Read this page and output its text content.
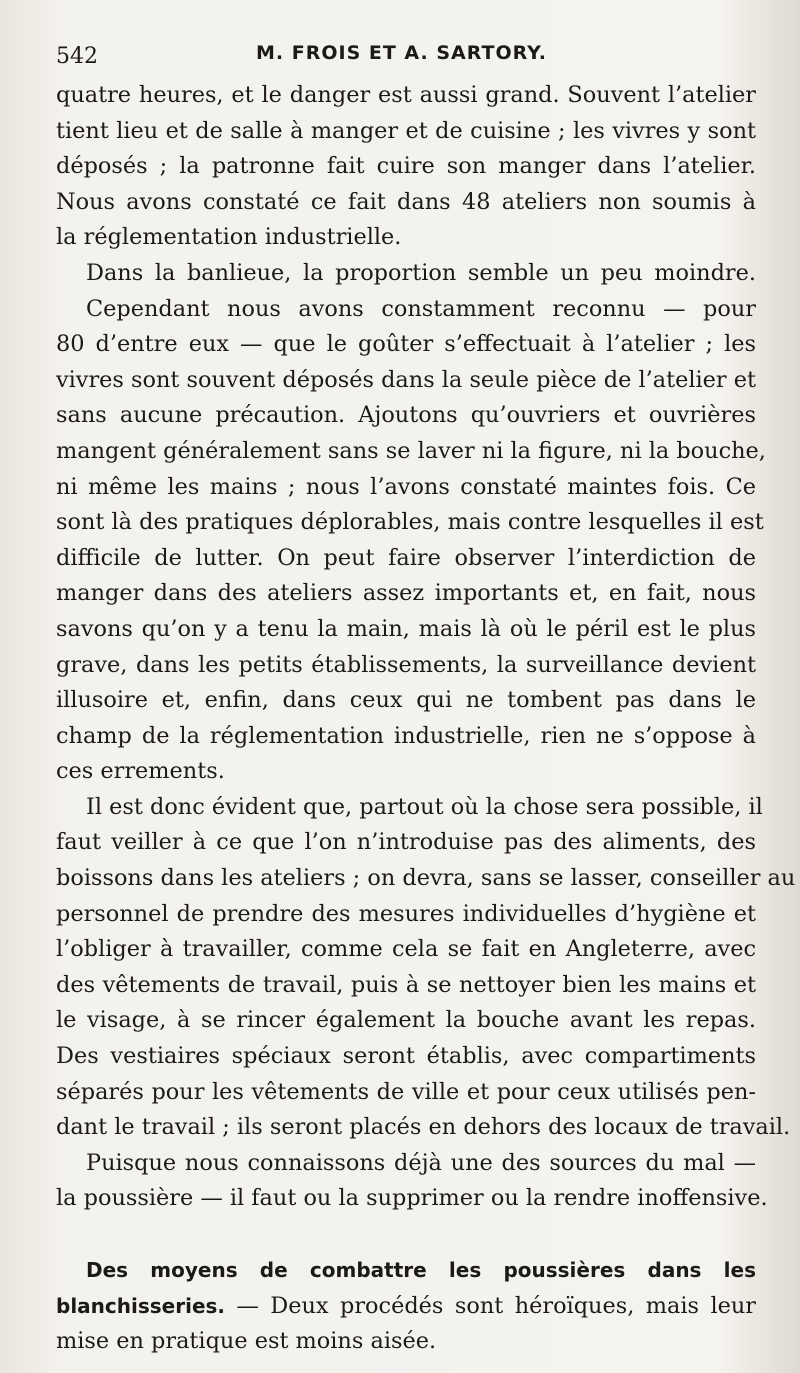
542	M. FROIS ET A. SARTORY.

quatre heures, et le danger est aussi grand. Souvent l’atelier

tient lieu et de salle à manger et de cuisine ; les vivres y sont

déposés ; la patronne fait cuire son manger dans l’atelier.

Nous avons constaté ce fait dans 48 ateliers non soumis à

la réglementation industrielle.

Dans la banlieue, la proportion semble un peu moindre.

Cependant nous avons constamment reconnu — pour

80 d’entre eux — que le goûter s’effectuait à l’atelier ; les

vivres sont souvent déposés dans la seule pièce de l’atelier et

sans aucune précaution. Ajoutons qu’ouvriers et ouvrières

mangent généralement sans se laver ni la figure, ni la bouche,

ni même les mains ; nous l’avons constaté maintes fois. Ce

sont là des pratiques déplorables, mais contre lesquelles il est

difficile de lutter. On peut faire observer l’interdiction de

manger dans des ateliers assez importants et, en fait, nous

savons qu’on y a tenu la main, mais là où le péril est le plus

grave, dans les petits établissements, la surveillance devient

illusoire et, enfin, dans ceux qui ne tombent pas dans le

champ de la réglementation industrielle, rien ne s’oppose à

ces errements.

Il est donc évident que, partout où la chose sera possible, il

faut veiller à ce que l’on n’introduise pas des aliments, des

boissons dans les ateliers ; on devra, sans se lasser, conseiller au

personnel de prendre des mesures individuelles d’hygiène et

l’obliger à travailler, comme cela se fait en Angleterre, avec

des vêtements de travail, puis à se nettoyer bien les mains et

le visage, à se rincer également la bouche avant les repas.

Des vestiaires spéciaux seront établis, avec compartiments

séparés pour les vêtements de ville et pour ceux utilisés pen-

dant le travail ; ils seront placés en dehors des locaux de travail.

Puisque nous connaissons déjà une des sources du mal —

la poussière — il faut ou la supprimer ou la rendre inoffensive.

Des moyens de combattre les poussières dans les

blanchisseries. — Deux procédés sont héroïques, mais leur

mise en pratique est moins aisée.
